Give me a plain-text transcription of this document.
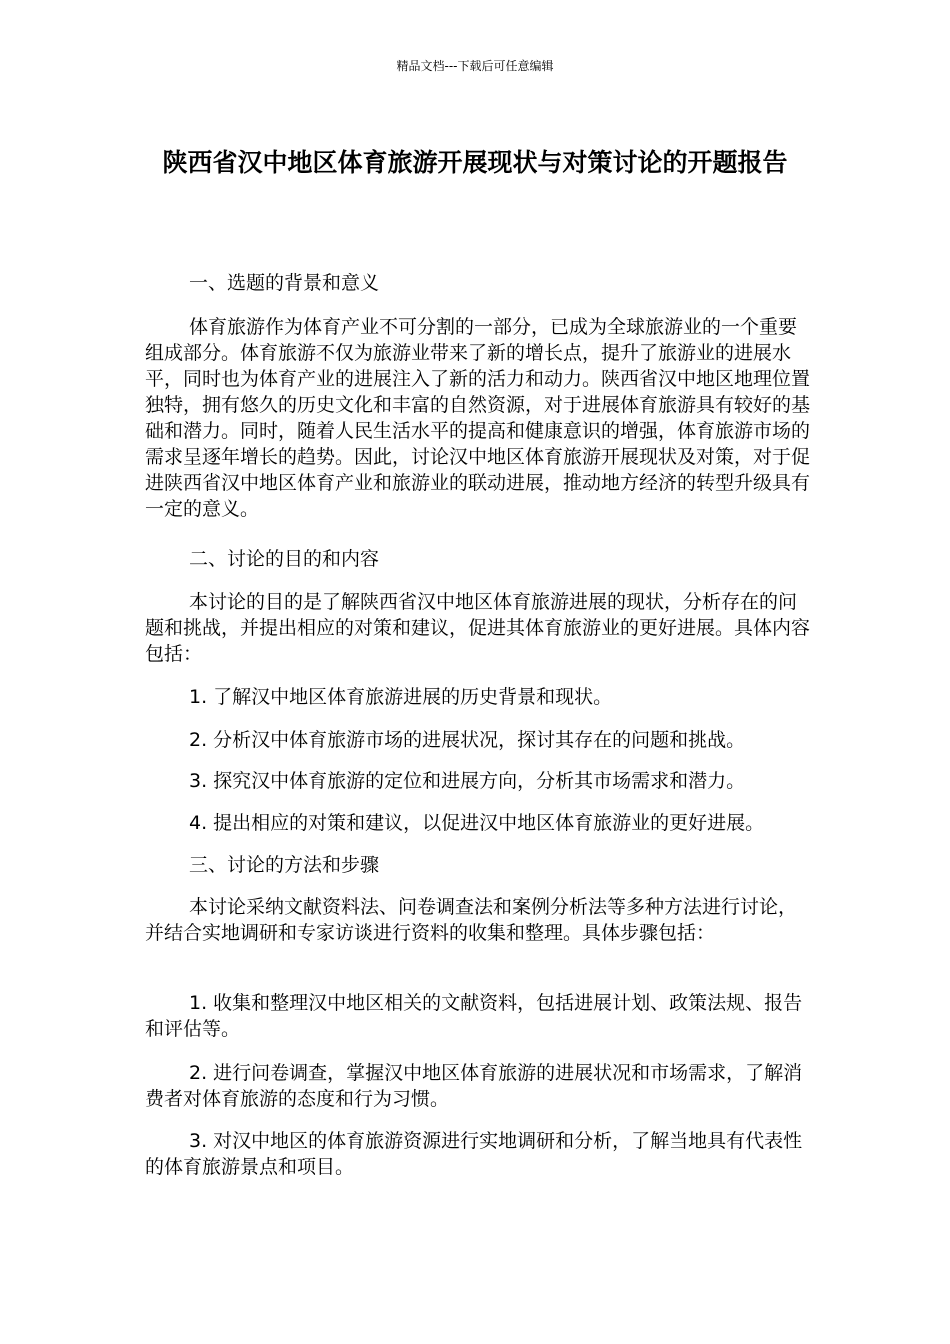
精品文档---下载后可任意编辑
陕西省汉中地区体育旅游开展现状与对策讨论的开题报告

一、选题的背景和意义

体育旅游作为体育产业不可分割的一部分，已成为全球旅游业的一个重要组成部分。体育旅游不仅为旅游业带来了新的增长点，提升了旅游业的进展水平，同时也为体育产业的进展注入了新的活力和动力。陕西省汉中地区地理位置独特，拥有悠久的历史文化和丰富的自然资源，对于进展体育旅游具有较好的基础和潜力。同时，随着人民生活水平的提高和健康意识的增强，体育旅游市场的需求呈逐年增长的趋势。因此，讨论汉中地区体育旅游开展现状及对策，对于促进陕西省汉中地区体育产业和旅游业的联动进展，推动地方经济的转型升级具有一定的意义。

二、讨论的目的和内容

本讨论的目的是了解陕西省汉中地区体育旅游进展的现状，分析存在的问题和挑战，并提出相应的对策和建议，促进其体育旅游业的更好进展。具体内容包括：

1. 了解汉中地区体育旅游进展的历史背景和现状。

2. 分析汉中体育旅游市场的进展状况，探讨其存在的问题和挑战。

3. 探究汉中体育旅游的定位和进展方向，分析其市场需求和潜力。

4. 提出相应的对策和建议，以促进汉中地区体育旅游业的更好进展。

三、讨论的方法和步骤

本讨论采纳文献资料法、问卷调查法和案例分析法等多种方法进行讨论，并结合实地调研和专家访谈进行资料的收集和整理。具体步骤包括：

1. 收集和整理汉中地区相关的文献资料，包括进展计划、政策法规、报告和评估等。

2. 进行问卷调查，掌握汉中地区体育旅游的进展状况和市场需求，了解消费者对体育旅游的态度和行为习惯。

3. 对汉中地区的体育旅游资源进行实地调研和分析，了解当地具有代表性的体育旅游景点和项目。
